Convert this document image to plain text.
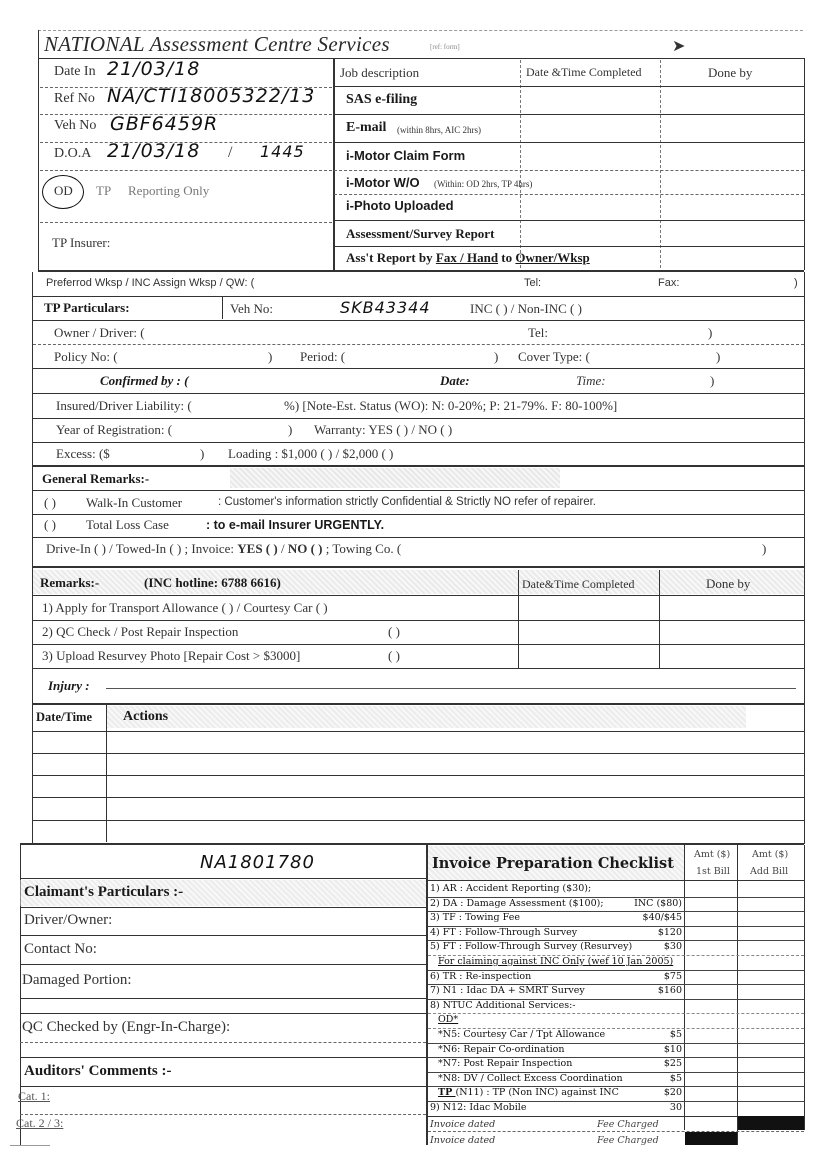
NATIONAL Assessment Centre Services	[ref: form]	➤
Date In 21/03/18
Ref No NA/CTI18005322/13
Veh No GBF6459R
D.O.A 21/03/18 / 1445
OD TP Reporting Only
TP Insurer:
Job description	Date &Time Completed	Done by
SAS e-filing
E-mail (within 8hrs, AIC 2hrs)
i-Motor Claim Form
i-Motor W/O (Within: OD 2hrs, TP 4hrs)
i-Photo Uploaded
Assessment/Survey Report
Ass't Report by Fax / Hand to Owner/Wksp
Preferrod Wksp / INC Assign Wksp / QW: (	Tel:	Fax:	)
TP Particulars:	Veh No:	SKB43344	INC ( ) / Non-INC ( )
Owner / Driver: (	Tel:	)
Policy No: (	) Period: (	) Cover Type: (	)
Confirmed by : (	Date:	Time:	)
Insured/Driver Liability: (	%) [Note-Est. Status (WO): N: 0-20%; P: 21-79%. F: 80-100%]
Year of Registration: (	) Warranty: YES ( ) / NO ( )
Excess: ($	) Loading : $1,000 ( ) / $2,000 ( )
General Remarks:-
( ) Walk-In Customer	: Customer's information strictly Confidential & Strictly NO refer of repairer.
( ) Total Loss Case	: to e-mail Insurer URGENTLY.
Drive-In ( ) / Towed-In ( ) ; Invoice: YES ( ) / NO ( ) ; Towing Co. (	)
Remarks:-	(INC hotline: 6788 6616)	Date&Time Completed	Done by
1) Apply for Transport Allowance ( ) / Courtesy Car ( )
2) QC Check / Post Repair Inspection	( )
3) Upload Resurvey Photo [Repair Cost > $3000]	( )
Injury :
Date/Time Actions
NA1801780
Claimant's Particulars :-
Driver/Owner:
Contact No:
Damaged Portion:
QC Checked by (Engr-In-Charge):
Auditors' Comments :-
Cat. 1:
Cat. 2 / 3:
Invoice Preparation Checklist
Amt ($)
1st Bill
Amt ($)
Add Bill
1) AR : Accident Reporting ($30);
2) DA : Damage Assessment ($100);	INC ($80)
3) TF : Towing Fee	$40/$45
4) FT : Follow-Through Survey	$120
5) FT : Follow-Through Survey (Resurvey)	$30
For claiming against INC Only (wef 10 Jan 2005)
6) TR : Re-inspection	$75
7) N1 : Idac DA + SMRT Survey	$160
8) NTUC Additional Services:-
OD*
*N5: Courtesy Car / Tpt Allowance	$5
*N6: Repair Co-ordination	$10
*N7: Post Repair Inspection	$25
*N8: DV / Collect Excess Coordination	$5
TP (N11) : TP (Non INC) against INC	$20
9) N12: Idac Mobile	30
Invoice dated	Fee Charged
Invoice dated	Fee Charged
